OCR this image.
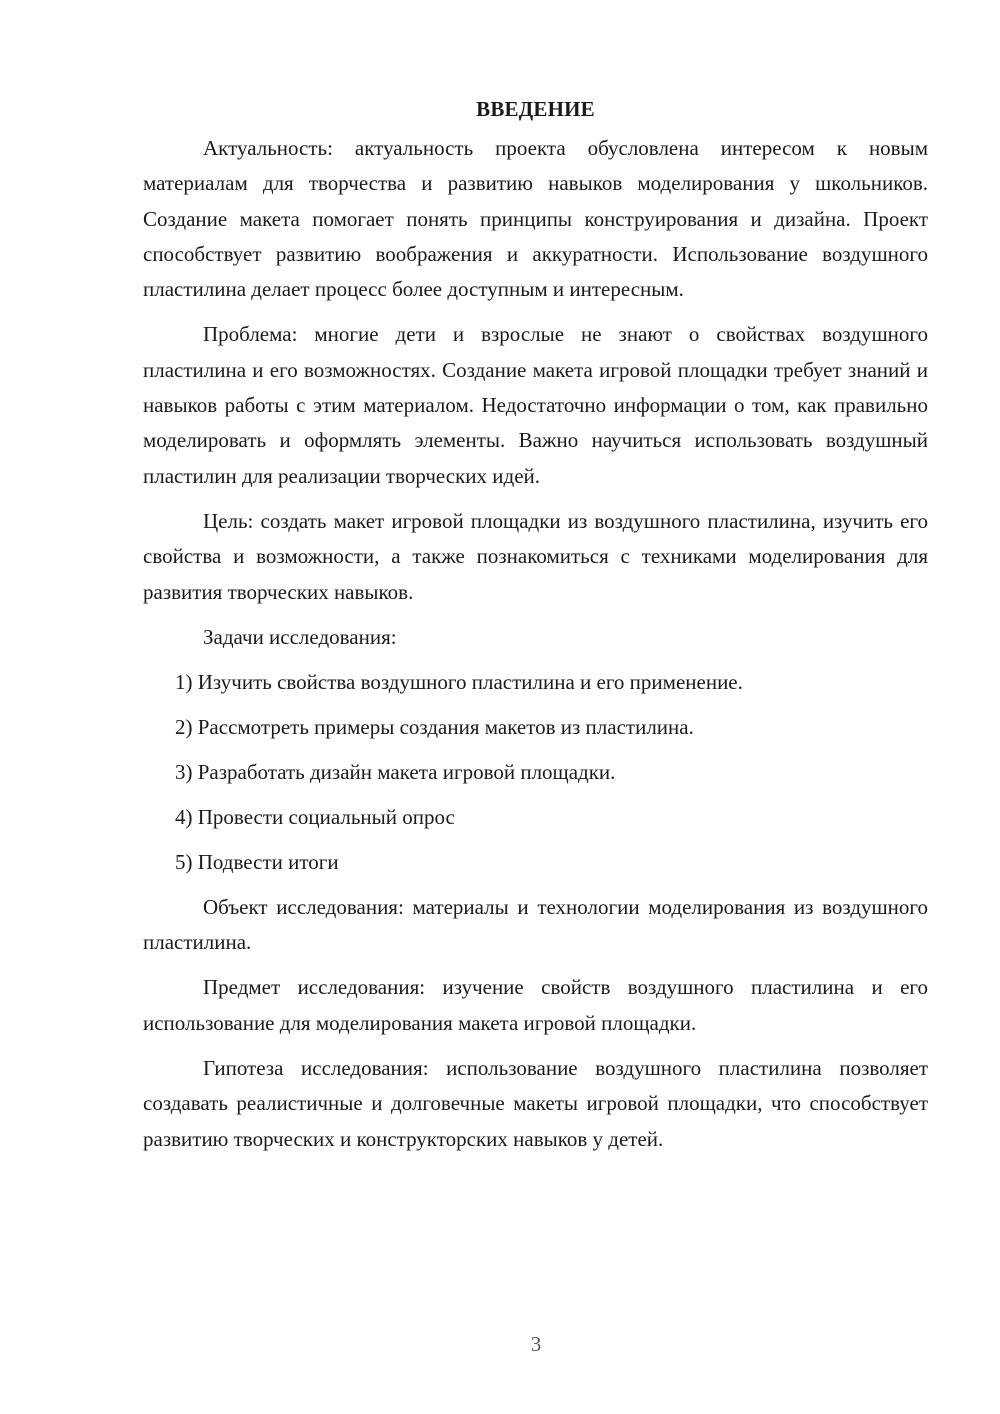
ВВЕДЕНИЕ

Актуальность: актуальность проекта обусловлена интересом к новым материалам для творчества и развитию навыков моделирования у школьников. Создание макета помогает понять принципы конструирования и дизайна. Проект способствует развитию воображения и аккуратности. Использование воздушного пластилина делает процесс более доступным и интересным.

Проблема: многие дети и взрослые не знают о свойствах воздушного пластилина и его возможностях. Создание макета игровой площадки требует знаний и навыков работы с этим материалом. Недостаточно информации о том, как правильно моделировать и оформлять элементы. Важно научиться использовать воздушный пластилин для реализации творческих идей.

Цель: создать макет игровой площадки из воздушного пластилина, изучить его свойства и возможности, а также познакомиться с техниками моделирования для развития творческих навыков.

Задачи исследования:

1) Изучить свойства воздушного пластилина и его применение.
2) Рассмотреть примеры создания макетов из пластилина.
3) Разработать дизайн макета игровой площадки.
4) Провести социальный опрос
5) Подвести итоги

Объект исследования: материалы и технологии моделирования из воздушного пластилина.

Предмет исследования: изучение свойств воздушного пластилина и его использование для моделирования макета игровой площадки.

Гипотеза исследования: использование воздушного пластилина позволяет создавать реалистичные и долговечные макеты игровой площадки, что способствует развитию творческих и конструкторских навыков у детей.

3
